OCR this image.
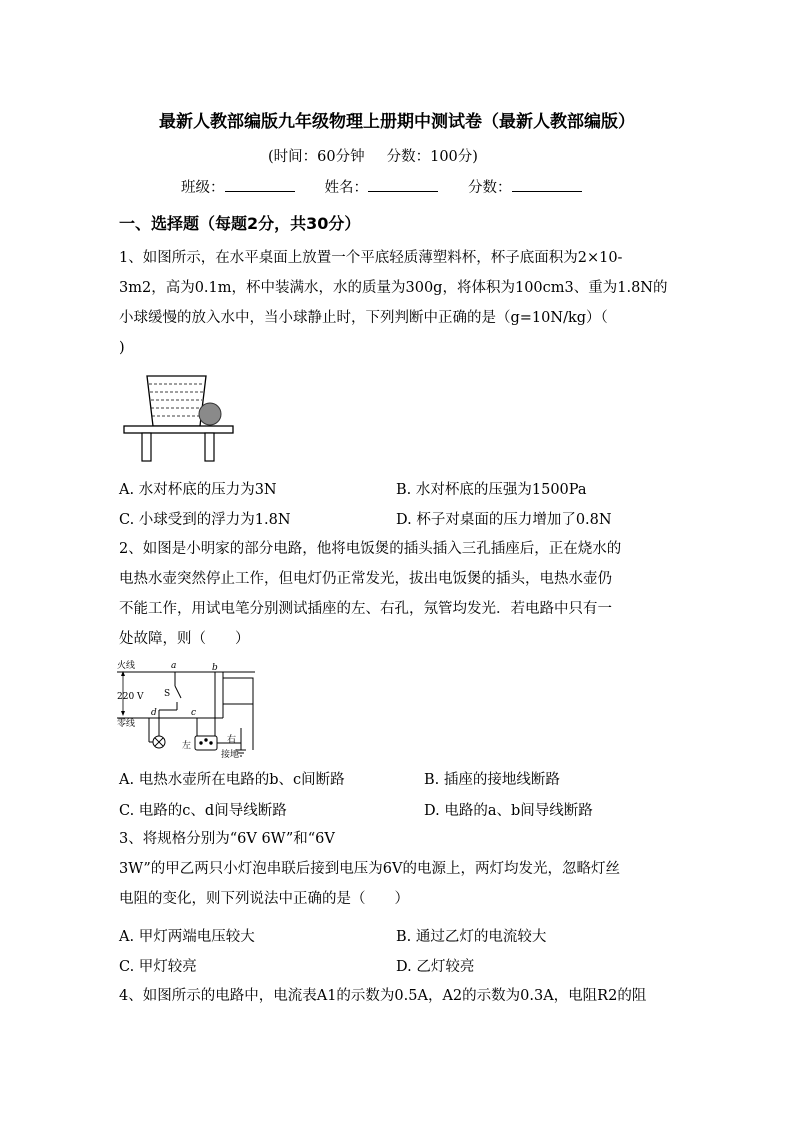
最新人教部编版九年级物理上册期中测试卷（最新人教部编版）
(时间：60分钟 分数：100分)
班级：	姓名：	分数：
一、选择题（每题2分，共30分）
1、如图所示，在水平桌面上放置一个平底轻质薄塑料杯，杯子底面积为2×10-
3m2，高为0.1m，杯中装满水，水的质量为300g，将体积为100cm3、重为1.8N的
小球缓慢的放入水中，当小球静止时，下列判断中正确的是（g=10N/kg）（
)
A. 水对杯底的压力为3N	B. 水对杯底的压强为1500Pa
C. 小球受到的浮力为1.8N	D. 杯子对桌面的压力增加了0.8N
2、如图是小明家的部分电路，他将电饭煲的插头插入三孔插座后，正在烧水的
电热水壶突然停止工作，但电灯仍正常发光，拔出电饭煲的插头，电热水壶仍
不能工作，用试电笔分别测试插座的左、右孔，氖管均发光．若电路中只有一
处故障，则（　　）
火线
零线
220 V
a	b
c
d
S
左
右
接地
A. 电热水壶所在电路的b、c间断路	B. 插座的接地线断路
C. 电路的c、d间导线断路	D. 电路的a、b间导线断路
3、将规格分别为“6V 6W”和“6V
3W”的甲乙两只小灯泡串联后接到电压为6V的电源上，两灯均发光，忽略灯丝
电阻的变化，则下列说法中正确的是（　　）
A. 甲灯两端电压较大	B. 通过乙灯的电流较大
C. 甲灯较亮	D. 乙灯较亮
4、如图所示的电路中，电流表A1的示数为0.5A，A2的示数为0.3A，电阻R2的阻
